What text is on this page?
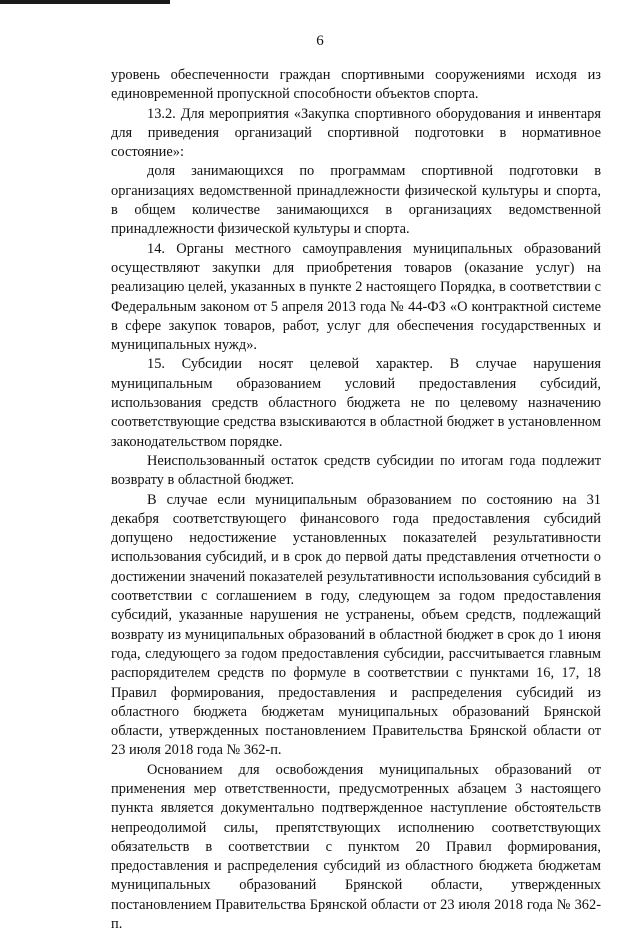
6

уровень обеспеченности граждан спортивными сооружениями исходя из единовременной пропускной способности объектов спорта.

13.2. Для мероприятия «Закупка спортивного оборудования и инвентаря для приведения организаций спортивной подготовки в нормативное состояние»:

доля занимающихся по программам спортивной подготовки в организациях ведомственной принадлежности физической культуры и спорта, в общем количестве занимающихся в организациях ведомственной принадлежности физической культуры и спорта.

14. Органы местного самоуправления муниципальных образований осуществляют закупки для приобретения товаров (оказание услуг) на реализацию целей, указанных в пункте 2 настоящего Порядка, в соответствии с Федеральным законом от 5 апреля 2013 года № 44-ФЗ «О контрактной системе в сфере закупок товаров, работ, услуг для обеспечения государственных и муниципальных нужд».

15. Субсидии носят целевой характер. В случае нарушения муниципальным образованием условий предоставления субсидий, использования средств областного бюджета не по целевому назначению соответствующие средства взыскиваются в областной бюджет в установленном законодательством порядке.

Неиспользованный остаток средств субсидии по итогам года подлежит возврату в областной бюджет.

В случае если муниципальным образованием по состоянию на 31 декабря соответствующего финансового года предоставления субсидий допущено недостижение установленных показателей результативности использования субсидий, и в срок до первой даты представления отчетности о достижении значений показателей результативности использования субсидий в соответствии с соглашением в году, следующем за годом предоставления субсидий, указанные нарушения не устранены, объем средств, подлежащий возврату из муниципальных образований в областной бюджет в срок до 1 июня года, следующего за годом предоставления субсидии, рассчитывается главным распорядителем средств по формуле в соответствии с пунктами 16, 17, 18 Правил формирования, предоставления и распределения субсидий из областного бюджета бюджетам муниципальных образований Брянской области, утвержденных постановлением Правительства Брянской области от 23 июля 2018 года № 362-п.

Основанием для освобождения муниципальных образований от применения мер ответственности, предусмотренных абзацем 3 настоящего пункта является документально подтвержденное наступление обстоятельств непреодолимой силы, препятствующих исполнению соответствующих обязательств в соответствии с пунктом 20 Правил формирования, предоставления и распределения субсидий из областного бюджета бюджетам муниципальных образований Брянской области, утвержденных постановлением Правительства Брянской области от 23 июля 2018 года № 362-п.
